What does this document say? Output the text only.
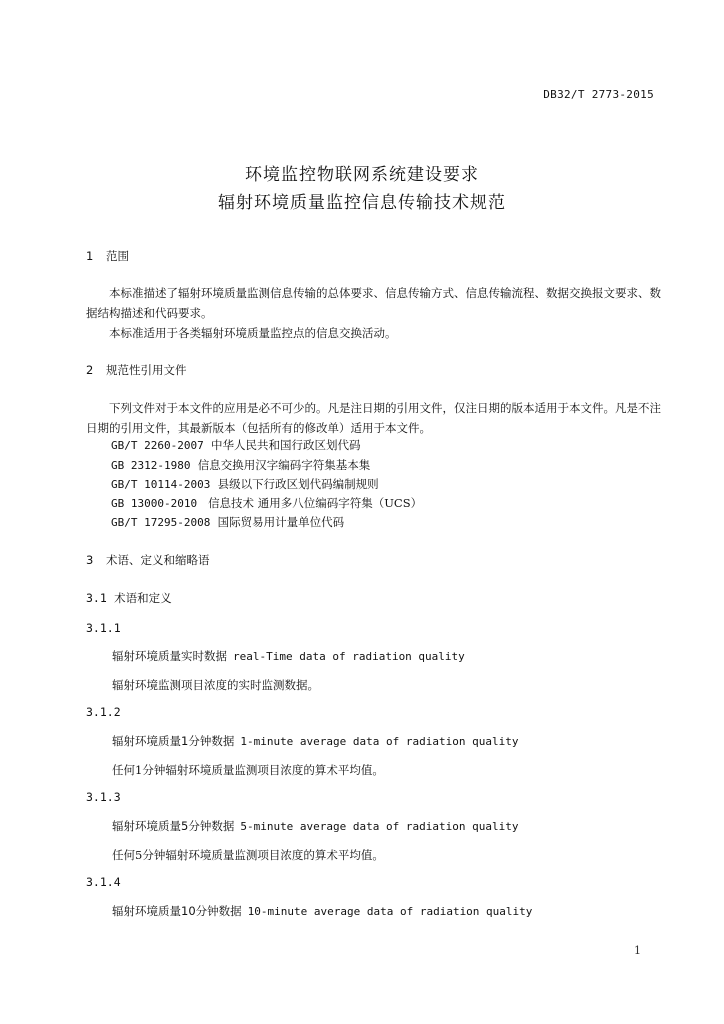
DB32/T 2773-2015
环境监控物联网系统建设要求
辐射环境质量监控信息传输技术规范
1 范围

本标准描述了辐射环境质量监测信息传输的总体要求、信息传输方式、信息传输流程、数据交换报文要求、数据结构描述和代码要求。

本标准适用于各类辐射环境质量监控点的信息交换活动。

2 规范性引用文件

下列文件对于本文件的应用是必不可少的。凡是注日期的引用文件，仅注日期的版本适用于本文件。凡是不注日期的引用文件，其最新版本（包括所有的修改单）适用于本文件。

GB/T 2260-2007 中华人民共和国行政区划代码
GB 2312-1980 信息交换用汉字编码字符集基本集
GB/T 10114-2003 县级以下行政区划代码编制规则
GB 13000-2010 信息技术 通用多八位编码字符集（UCS）
GB/T 17295-2008 国际贸易用计量单位代码
3 术语、定义和缩略语
3.1 术语和定义
3.1.1
辐射环境质量实时数据 real-Time data of radiation quality
辐射环境监测项目浓度的实时监测数据。
3.1.2
辐射环境质量1分钟数据 1-minute average data of radiation quality
任何1分钟辐射环境质量监测项目浓度的算术平均值。
3.1.3
辐射环境质量5分钟数据 5-minute average data of radiation quality
任何5分钟辐射环境质量监测项目浓度的算术平均值。
3.1.4
辐射环境质量10分钟数据 10-minute average data of radiation quality
1
